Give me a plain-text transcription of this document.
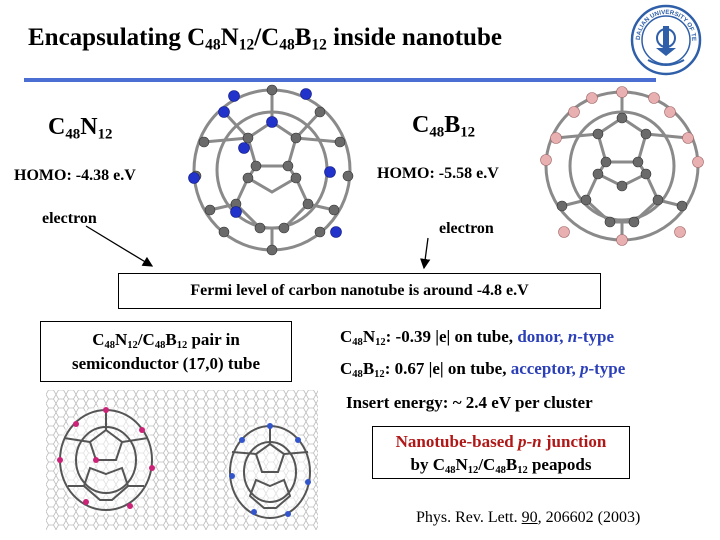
Encapsulating $C_{48}N_{12}/C_{48}B_{12}$ inside nanotube	DALIAN UNIVERSITY OF TE
$C_{48}N_{12}$
HOMO: -4.38 e.V
electron
$C_{48}B_{12}$
HOMO: -5.58 e.V
electron
Fermi level of carbon nanotube is around -4.8 e.V
$C_{48}N_{12}/C_{48}B_{12}$ pair in
semiconductor (17,0) tube
$C_{48}N_{12}$: -0.39 |e| on tube, donor, n-type
$C_{48}B_{12}$: 0.67 |e| on tube, acceptor, p-type
Insert energy: ~ 2.4 eV per cluster
Nanotube-based p-n junction
by $C_{48}N_{12}/C_{48}B_{12}$ peapods
Phys. Rev. Lett. 90, 206602 (2003)
